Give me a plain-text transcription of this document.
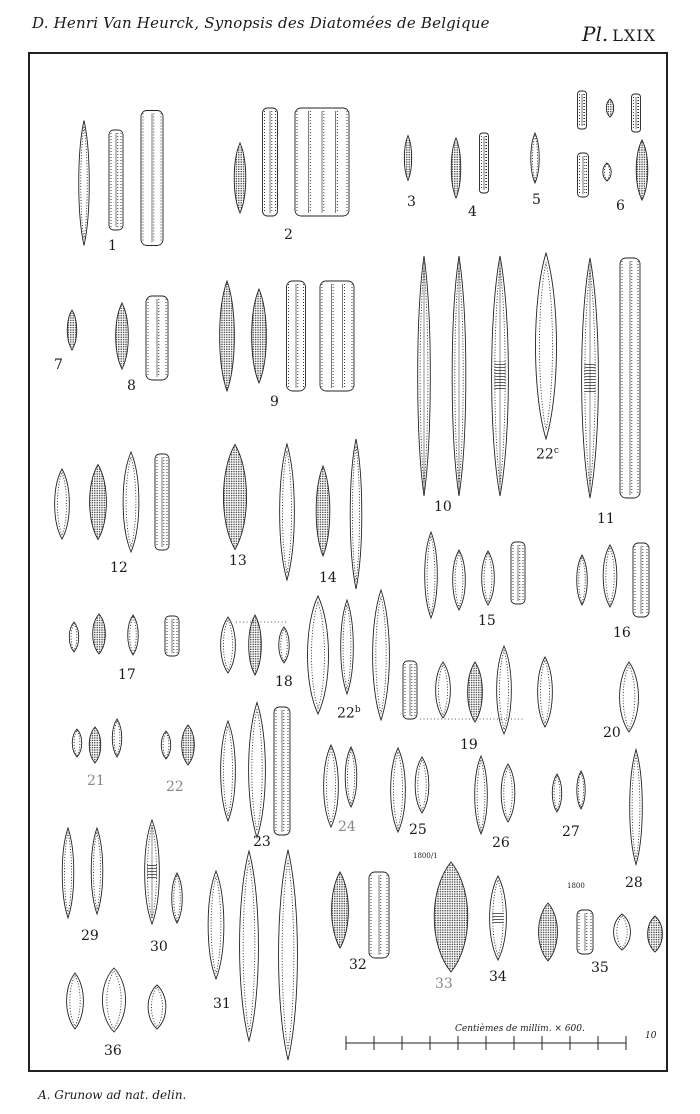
D. Henri Van Heurck, Synopsis des Diatomées de Belgique	Pl. LXIX
1
2
3
4
5	6
7
8
9
10
11
22$^c$
12	13
14
15
16
17	18
22$^b$
19
20
21	22
23
24	25
26
27
28
29
30
31
32
33	34
35
36
1800/1
1800
Centièmes de millim. × 600.
10
A. Grunow ad nat. delin.
